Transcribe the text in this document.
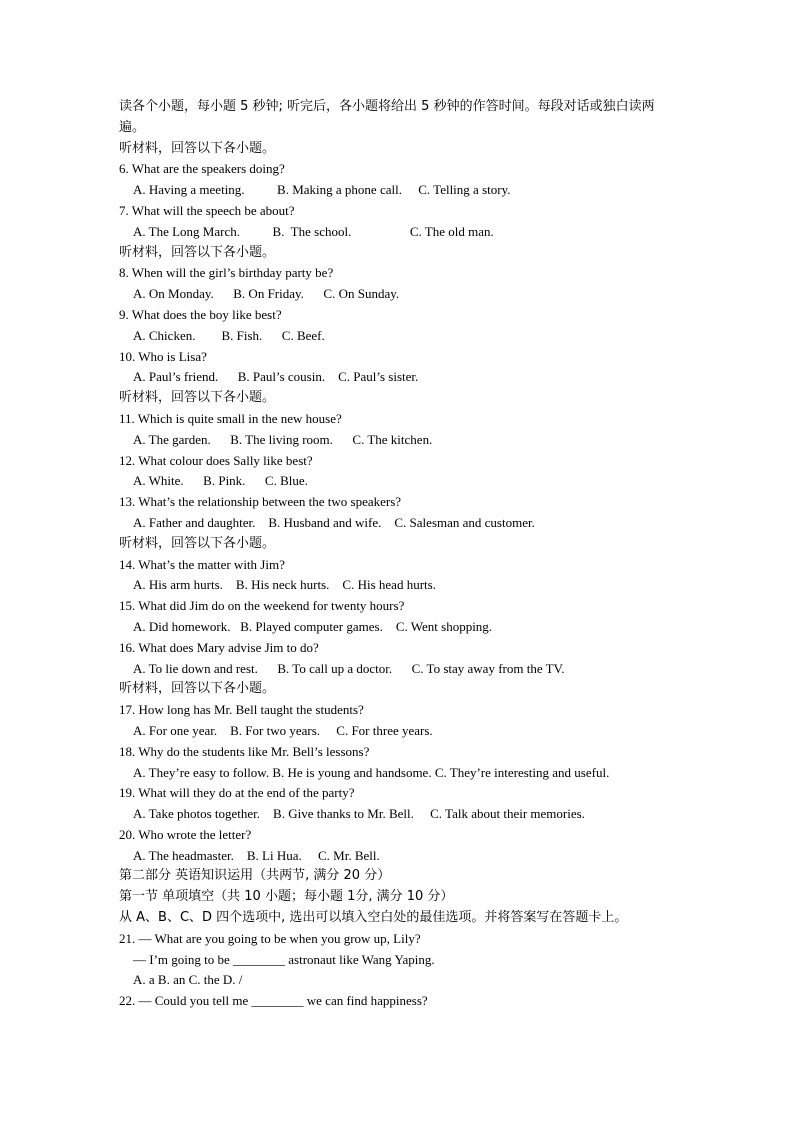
读各个小题，每小题 5 秒钟; 听完后，各小题将给出 5 秒钟的作答时间。每段对话或独白读两遍。
听材料，回答以下各小题。
6. What are the speakers doing?
A. Having a meeting.          B. Making a phone call.     C. Telling a story.
7. What will the speech be about?
A. The Long March.          B.  The school.                  C. The old man.
听材料，回答以下各小题。
8. When will the girl’s birthday party be?
A. On Monday.      B. On Friday.      C. On Sunday.
9. What does the boy like best?
A. Chicken.        B. Fish.      C. Beef.
10. Who is Lisa?
A. Paul’s friend.      B. Paul’s cousin.    C. Paul’s sister.
听材料，回答以下各小题。
11. Which is quite small in the new house?
A. The garden.      B. The living room.      C. The kitchen.
12. What colour does Sally like best?
A. White.      B. Pink.      C. Blue.
13. What’s the relationship between the two speakers?
A. Father and daughter.    B. Husband and wife.    C. Salesman and customer.
听材料，回答以下各小题。
14. What’s the matter with Jim?
A. His arm hurts.    B. His neck hurts.    C. His head hurts.
15. What did Jim do on the weekend for twenty hours?
A. Did homework.   B. Played computer games.    C. Went shopping.
16. What does Mary advise Jim to do?
A. To lie down and rest.      B. To call up a doctor.      C. To stay away from the TV.
听材料，回答以下各小题。
17. How long has Mr. Bell taught the students?
A. For one year.    B. For two years.     C. For three years.
18. Why do the students like Mr. Bell’s lessons?
A. They’re easy to follow. B. He is young and handsome. C. They’re interesting and useful.
19. What will they do at the end of the party?
A. Take photos together.    B. Give thanks to Mr. Bell.     C. Talk about their memories.
20. Who wrote the letter?
A. The headmaster.    B. Li Hua.     C. Mr. Bell.
第二部分 英语知识运用（共两节, 满分 20 分）
第一节 单项填空（共 10 小题；每小题 1分, 满分 10 分）
从 A、B、C、D 四个选项中, 选出可以填入空白处的最佳选项。并将答案写在答题卡上。
21. — What are you going to be when you grow up, Lily?
— I’m going to be ________ astronaut like Wang Yaping.
A. a B. an C. the D. /
22. — Could you tell me ________ we can find happiness?
